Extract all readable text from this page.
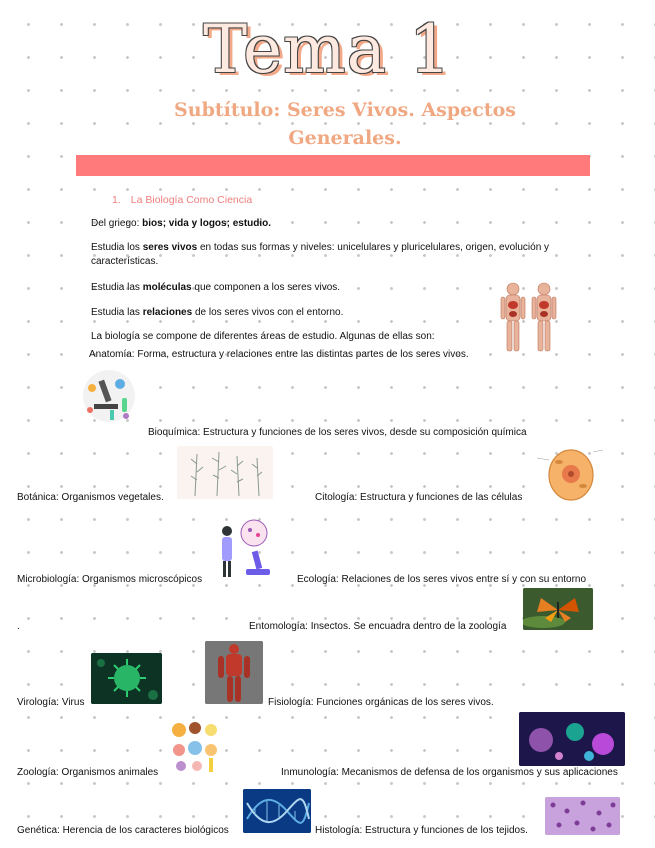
Tema 1
Subtítulo: Seres Vivos. Aspectos Generales.
1. La Biología Como Ciencia
Del griego: bios; vida y logos; estudio.
Estudia los seres vivos en todas sus formas y niveles: unicelulares y pluricelulares, origen, evolución y características.
Estudia las moléculas que componen a los seres vivos.
Estudia las relaciones de los seres vivos con el entorno.
La biología se compone de diferentes áreas de estudio. Algunas de ellas son:
Anatomía: Forma, estructura y relaciones entre las distintas partes de los seres vivos.
Bioquímica: Estructura y funciones de los seres vivos, desde su composición química
Botánica: Organismos vegetales.	Citología: Estructura y funciones de las células
Microbiología: Organismos microscópicos	Ecología: Relaciones de los seres vivos entre sí y con su entorno
.	Entomología: Insectos. Se encuadra dentro de la zoología
Virología: Virus	Fisiología: Funciones orgánicas de los seres vivos.
Zoología: Organismos animales	Inmunología: Mecanismos de defensa de los organismos y sus aplicaciones
Genética: Herencia de los caracteres biológicos	Histología: Estructura y funciones de los tejidos.
